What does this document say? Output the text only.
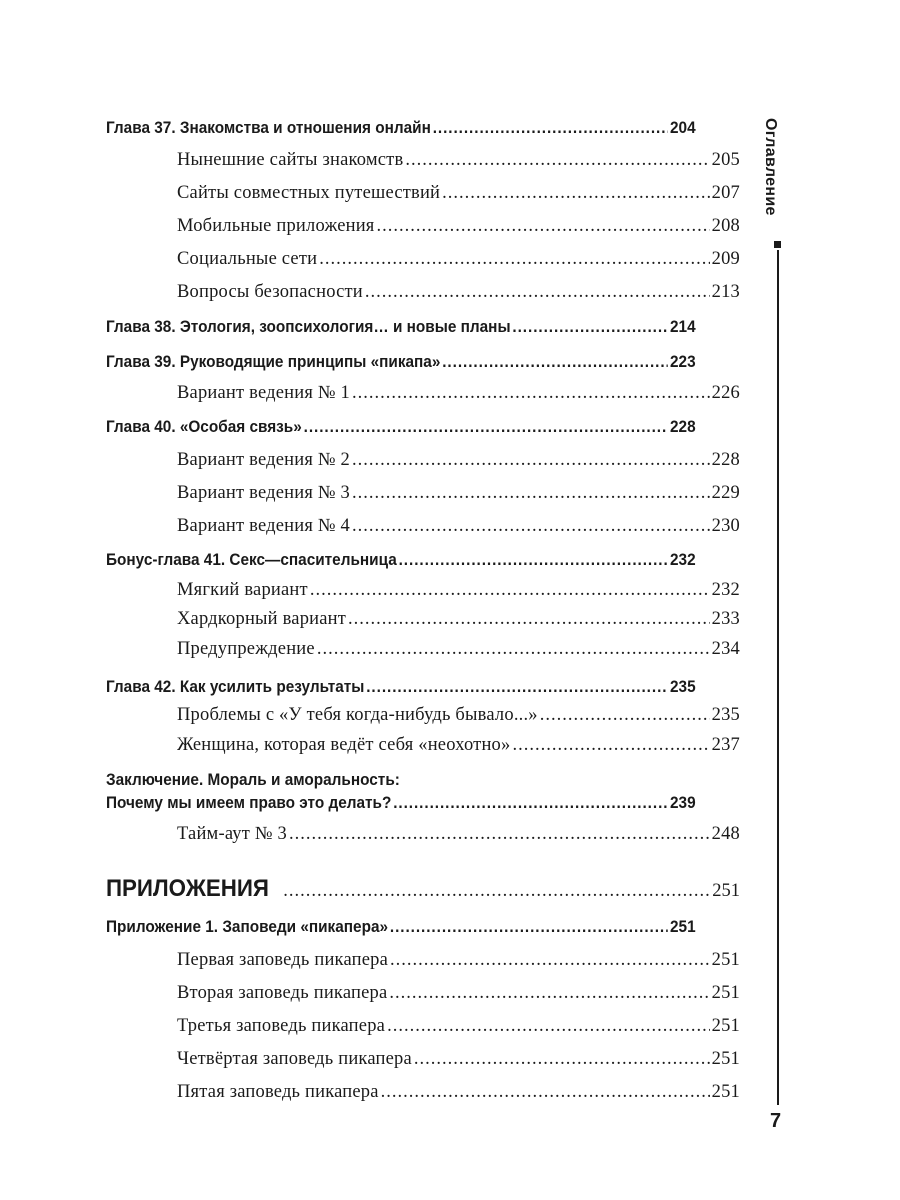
Глава 37. Знакомства и отношения онлайн .....	204
Нынешние сайты знакомств .....	205
Сайты совместных путешествий .....	207
Мобильные приложения .....	208
Социальные сети .....	209
Вопросы безопасности .....	213
Глава 38. Этология, зоопсихология… и новые планы .....	214
Глава 39. Руководящие принципы «пикапа» .....	223
Вариант ведения № 1 .....	226
Глава 40. «Особая связь» .....	228
Вариант ведения № 2 .....	228
Вариант ведения № 3 .....	229
Вариант ведения № 4 .....	230
Бонус-глава 41. Секс—спасительница .....	232
Мягкий вариант .....	232
Хардкорный вариант .....	233
Предупреждение .....	234
Глава 42. Как усилить результаты .....	235
Проблемы с «У тебя когда-нибудь бывало...» .....	235
Женщина, которая ведёт себя «неохотно» .....	237
Заключение. Мораль и аморальность:
Почему мы имеем право это делать? .....	239
Тайм-аут № 3 .....	248
ПРИЛОЖЕНИЯ .....	251
Приложение 1. Заповеди «пикапера» .....	251
Первая заповедь пикапера .....	251
Вторая заповедь пикапера .....	251
Третья заповедь пикапера .....	251
Четвёртая заповедь пикапера .....	251
Пятая заповедь пикапера .....	251
Оглавление
7
